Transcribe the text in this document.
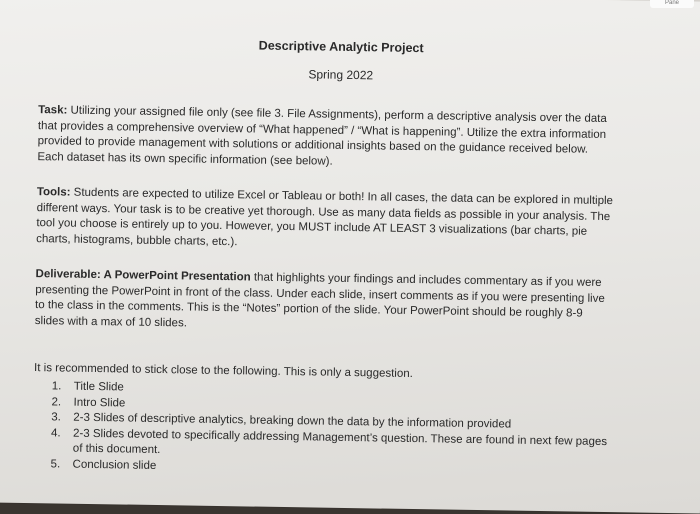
Pane
Descriptive Analytic Project
Spring 2022

Task: Utilizing your assigned file only (see file 3. File Assignments), perform a descriptive analysis over the data that provides a comprehensive overview of “What happened” / “What is happening”. Utilize the extra information provided to provide management with solutions or additional insights based on the guidance received below. Each dataset has its own specific information (see below).

Tools: Students are expected to utilize Excel or Tableau or both! In all cases, the data can be explored in multiple different ways. Your task is to be creative yet thorough. Use as many data fields as possible in your analysis. The tool you choose is entirely up to you. However, you MUST include AT LEAST 3 visualizations (bar charts, pie charts, histograms, bubble charts, etc.).

Deliverable: A PowerPoint Presentation that highlights your findings and includes commentary as if you were presenting the PowerPoint in front of the class. Under each slide, insert comments as if you were presenting live to the class in the comments. This is the “Notes” portion of the slide. Your PowerPoint should be roughly 8-9 slides with a max of 10 slides.

It is recommended to stick close to the following. This is only a suggestion.

1. Title Slide
2. Intro Slide
3. 2-3 Slides of descriptive analytics, breaking down the data by the information provided
4. 2-3 Slides devoted to specifically addressing Management’s question. These are found in next few pages of this document.
5. Conclusion slide
